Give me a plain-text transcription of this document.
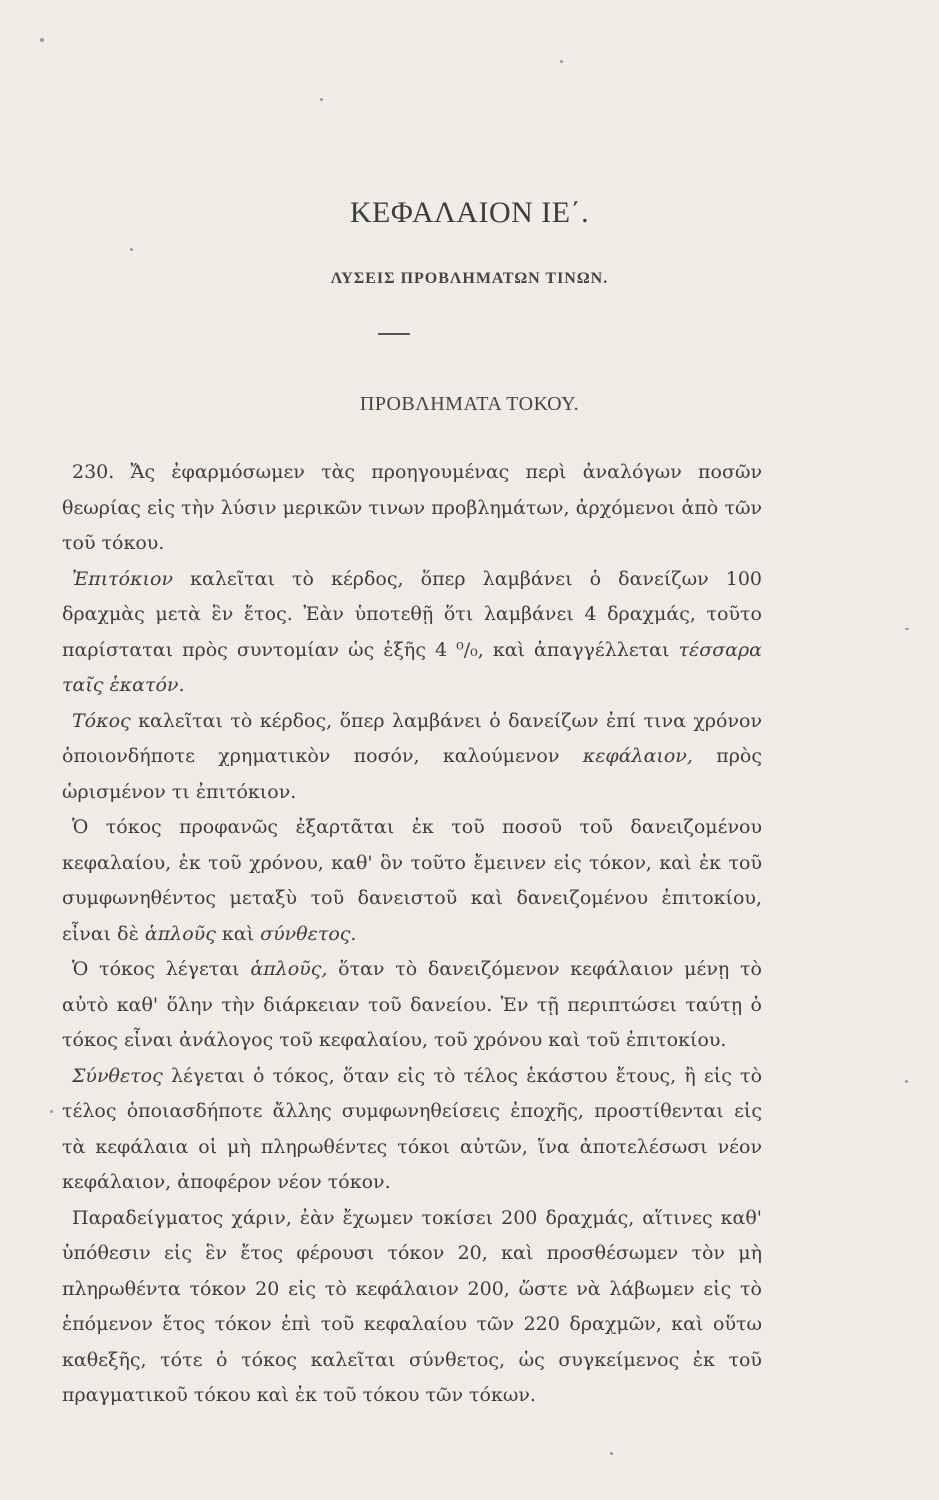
ΚΕΦΑΛΑΙΟΝ ΙΕ΄.
ΛΥΣΕΙΣ ΠΡΟΒΛΗΜΑΤΩΝ ΤΙΝΩΝ.
ΠΡΟΒΛΗΜΑΤΑ ΤΟΚΟΥ.

230. Ἄς ἐφαρμόσωμεν τὰς προηγουμένας περὶ ἀναλόγων ποσῶν θεωρίας εἰς τὴν λύσιν μερικῶν τινων προβλημάτων, ἀρχόμενοι ἀπὸ τῶν τοῦ τόκου.

Ἐπιτόκιον καλεῖται τὸ κέρδος, ὅπερ λαμβάνει ὁ δανείζων 100 δραχμὰς μετὰ ἓν ἔτος. Ἐὰν ὑποτεθῇ ὅτι λαμβάνει 4 δραχμάς, τοῦτο παρίσταται πρὸς συντομίαν ὡς ἑξῆς 4 ⁰/₀, καὶ ἀπαγγέλλεται τέσσαρα ταῖς ἑκατόν.

Τόκος καλεῖται τὸ κέρδος, ὅπερ λαμβάνει ὁ δανείζων ἐπί τινα χρόνον ὁποιονδήποτε χρηματικὸν ποσόν, καλούμενον κεφάλαιον, πρὸς ὡρισμένον τι ἐπιτόκιον.

Ὁ τόκος προφανῶς ἐξαρτᾶται ἐκ τοῦ ποσοῦ τοῦ δανειζομένου κεφαλαίου, ἐκ τοῦ χρόνου, καθ' ὃν τοῦτο ἔμεινεν εἰς τόκον, καὶ ἐκ τοῦ συμφωνηθέντος μεταξὺ τοῦ δανειστοῦ καὶ δανειζομένου ἐπιτοκίου, εἶναι δὲ ἁπλοῦς καὶ σύνθετος.

Ὁ τόκος λέγεται ἁπλοῦς, ὅταν τὸ δανειζόμενον κεφάλαιον μένῃ τὸ αὐτὸ καθ' ὅλην τὴν διάρκειαν τοῦ δανείου. Ἐν τῇ περιπτώσει ταύτῃ ὁ τόκος εἶναι ἀνάλογος τοῦ κεφαλαίου, τοῦ χρόνου καὶ τοῦ ἐπιτοκίου.

Σύνθετος λέγεται ὁ τόκος, ὅταν εἰς τὸ τέλος ἑκάστου ἔτους, ἢ εἰς τὸ τέλος ὁποιασδήποτε ἄλλης συμφωνηθείσεις ἐποχῆς, προστίθενται εἰς τὰ κεφάλαια οἱ μὴ πληρωθέντες τόκοι αὐτῶν, ἵνα ἀποτελέσωσι νέον κεφάλαιον, ἀποφέρον νέον τόκον.

Παραδείγματος χάριν, ἐὰν ἔχωμεν τοκίσει 200 δραχμάς, αἵτινες καθ' ὑπόθεσιν εἰς ἓν ἔτος φέρουσι τόκον 20, καὶ προσθέσωμεν τὸν μὴ πληρωθέντα τόκον 20 εἰς τὸ κεφάλαιον 200, ὥστε νὰ λάβωμεν εἰς τὸ ἑπόμενον ἔτος τόκον ἐπὶ τοῦ κεφαλαίου τῶν 220 δραχμῶν, καὶ οὕτω καθεξῆς, τότε ὁ τόκος καλεῖται σύνθετος, ὡς συγκείμενος ἐκ τοῦ πραγματικοῦ τόκου καὶ ἐκ τοῦ τόκου τῶν τόκων.
